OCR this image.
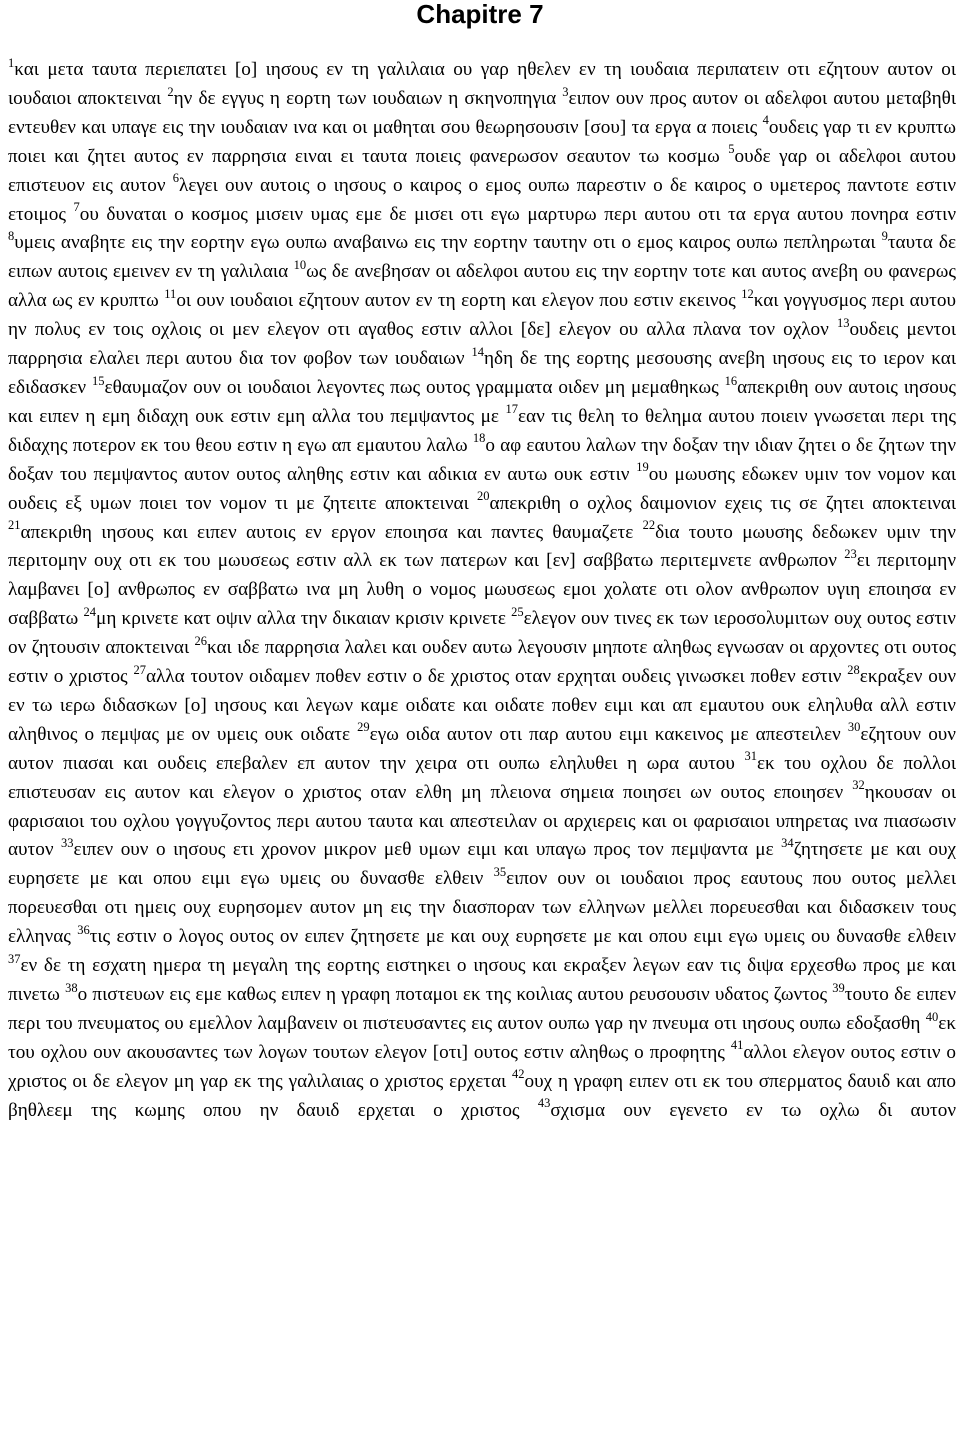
Chapitre 7

$^1$και μετα ταυτα περιεπατει [ο] ιησους εν τη γαλιλαια ου γαρ ηθελεν εν τη ιουδαια περιπατειν οτι εζητουν αυτον οι ιουδαιοι αποκτειναι $^2$ην δε εγγυς η εορτη των ιουδαιων η σκηνοπηγια $^3$ειπον ουν προς αυτον οι αδελφοι αυτου μεταβηθι εντευθεν και υπαγε εις την ιουδαιαν ινα και οι μαθηται σου θεωρησουσιν [σου] τα εργα α ποιεις $^4$ουδεις γαρ τι εν κρυπτω ποιει και ζητει αυτος εν παρρησια ειναι ει ταυτα ποιεις φανερωσον σεαυτον τω κοσμω $^5$ουδε γαρ οι αδελφοι αυτου επιστευον εις αυτον $^6$λεγει ουν αυτοις ο ιησους ο καιρος ο εμος ουπω παρεστιν ο δε καιρος ο υμετερος παντοτε εστιν ετοιμος $^7$ου δυναται ο κοσμος μισειν υμας εμε δε μισει οτι εγω μαρτυρω περι αυτου οτι τα εργα αυτου πονηρα εστιν $^8$υμεις αναβητε εις την εορτην εγω ουπω αναβαινω εις την εορτην ταυτην οτι ο εμος καιρος ουπω πεπληρωται $^9$ταυτα δε ειπων αυτοις εμεινεν εν τη γαλιλαια $^{10}$ως δε ανεβησαν οι αδελφοι αυτου εις την εορτην τοτε και αυτος ανεβη ου φανερως αλλα ως εν κρυπτω $^{11}$οι ουν ιουδαιοι εζητουν αυτον εν τη εορτη και ελεγον που εστιν εκεινος $^{12}$και γογγυσμος περι αυτου ην πολυς εν τοις οχλοις οι μεν ελεγον οτι αγαθος εστιν αλλοι [δε] ελεγον ου αλλα πλανα τον οχλον $^{13}$ουδεις μεντοι παρρησια ελαλει περι αυτου δια τον φοβον των ιουδαιων $^{14}$ηδη δε της εορτης μεσουσης ανεβη ιησους εις το ιερον και εδιδασκεν $^{15}$εθαυμαζον ουν οι ιουδαιοι λεγοντες πως ουτος γραμματα οιδεν μη μεμαθηκως $^{16}$απεκριθη ουν αυτοις ιησους και ειπεν η εμη διδαχη ουκ εστιν εμη αλλα του πεμψαντος με $^{17}$εαν τις θελη το θελημα αυτου ποιειν γνωσεται περι της διδαχης ποτερον εκ του θεου εστιν η εγω απ εμαυτου λαλω $^{18}$ο αφ εαυτου λαλων την δοξαν την ιδιαν ζητει ο δε ζητων την δοξαν του πεμψαντος αυτον ουτος αληθης εστιν και αδικια εν αυτω ουκ εστιν $^{19}$ου μωυσης εδωκεν υμιν τον νομον και ουδεις εξ υμων ποιει τον νομον τι με ζητειτε αποκτειναι $^{20}$απεκριθη ο οχλος δαιμονιον εχεις τις σε ζητει αποκτειναι $^{21}$απεκριθη ιησους και ειπεν αυτοις εν εργον εποιησα και παντες θαυμαζετε $^{22}$δια τουτο μωυσης δεδωκεν υμιν την περιτομην ουχ οτι εκ του μωυσεως εστιν αλλ εκ των πατερων και [εν] σαββατω περιτεμνετε ανθρωπον $^{23}$ει περιτομην λαμβανει [ο] ανθρωπος εν σαββατω ινα μη λυθη ο νομος μωυσεως εμοι χολατε οτι ολον ανθρωπον υγιη εποιησα εν σαββατω $^{24}$μη κρινετε κατ οψιν αλλα την δικαιαν κρισιν κρινετε $^{25}$ελεγον ουν τινες εκ των ιεροσολυμιτων ουχ ουτος εστιν ον ζητουσιν αποκτειναι $^{26}$και ιδε παρρησια λαλει και ουδεν αυτω λεγουσιν μηποτε αληθως εγνωσαν οι αρχοντες οτι ουτος εστιν ο χριστος $^{27}$αλλα τουτον οιδαμεν ποθεν εστιν ο δε χριστος οταν ερχηται ουδεις γινωσκει ποθεν εστιν $^{28}$εκραξεν ουν εν τω ιερω διδασκων [ο] ιησους και λεγων καμε οιδατε και οιδατε ποθεν ειμι και απ εμαυτου ουκ εληλυθα αλλ εστιν αληθινος ο πεμψας με ον υμεις ουκ οιδατε $^{29}$εγω οιδα αυτον οτι παρ αυτου ειμι κακεινος με απεστειλεν $^{30}$εζητουν ουν αυτον πιασαι και ουδεις επεβαλεν επ αυτον την χειρα οτι ουπω εληλυθει η ωρα αυτου $^{31}$εκ του οχλου δε πολλοι επιστευσαν εις αυτον και ελεγον ο χριστος οταν ελθη μη πλειονα σημεια ποιησει ων ουτος εποιησεν $^{32}$ηκουσαν οι φαρισαιοι του οχλου γογγυζοντος περι αυτου ταυτα και απεστειλαν οι αρχιερεις και οι φαρισαιοι υπηρετας ινα πιασωσιν αυτον $^{33}$ειπεν ουν ο ιησους ετι χρονον μικρον μεθ υμων ειμι και υπαγω προς τον πεμψαντα με $^{34}$ζητησετε με και ουχ ευρησετε με και οπου ειμι εγω υμεις ου δυνασθε ελθειν $^{35}$ειπον ουν οι ιουδαιοι προς εαυτους που ουτος μελλει πορευεσθαι οτι ημεις ουχ ευρησομεν αυτον μη εις την διασποραν των ελληνων μελλει πορευεσθαι και διδασκειν τους ελληνας $^{36}$τις εστιν ο λογος ουτος ον ειπεν ζητησετε με και ουχ ευρησετε με και οπου ειμι εγω υμεις ου δυνασθε ελθειν $^{37}$εν δε τη εσχατη ημερα τη μεγαλη της εορτης ειστηκει ο ιησους και εκραξεν λεγων εαν τις διψα ερχεσθω προς με και πινετω $^{38}$ο πιστευων εις εμε καθως ειπεν η γραφη ποταμοι εκ της κοιλιας αυτου ρευσουσιν υδατος ζωντος $^{39}$τουτο δε ειπεν περι του πνευματος ου εμελλον λαμβανειν οι πιστευσαντες εις αυτον ουπω γαρ ην πνευμα οτι ιησους ουπω εδοξασθη $^{40}$εκ του οχλου ουν ακουσαντες των λογων τουτων ελεγον [οτι] ουτος εστιν αληθως ο προφητης $^{41}$αλλοι ελεγον ουτος εστιν ο χριστος οι δε ελεγον μη γαρ εκ της γαλιλαιας ο χριστος ερχεται $^{42}$ουχ η γραφη ειπεν οτι εκ του σπερματος δαυιδ και απο βηθλεεμ της κωμης οπου ην δαυιδ ερχεται ο χριστος $^{43}$σχισμα ουν εγενετο εν τω οχλω δι αυτον
